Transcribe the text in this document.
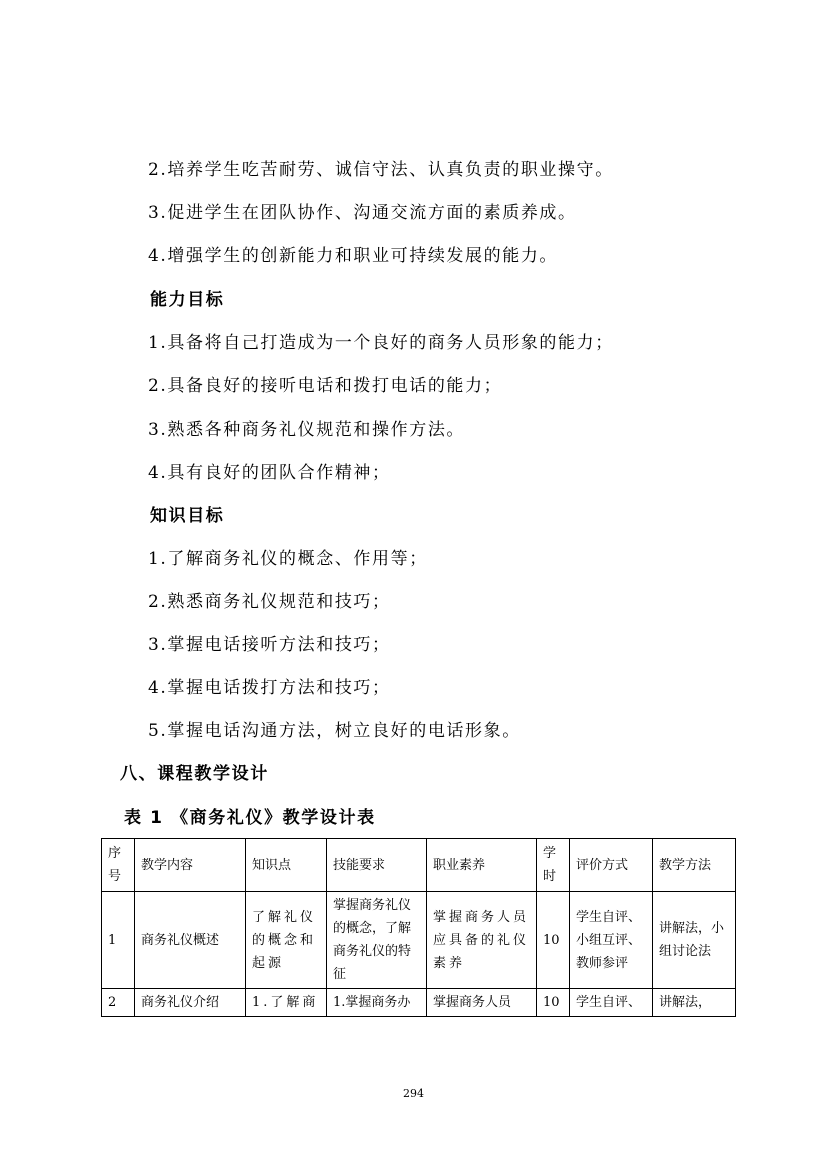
2.培养学生吃苦耐劳、诚信守法、认真负责的职业操守。
3.促进学生在团队协作、沟通交流方面的素质养成。
4.增强学生的创新能力和职业可持续发展的能力。
能力目标
1.具备将自己打造成为一个良好的商务人员形象的能力；
2.具备良好的接听电话和拨打电话的能力；
3.熟悉各种商务礼仪规范和操作方法。
4.具有良好的团队合作精神；
知识目标
1.了解商务礼仪的概念、作用等；
2.熟悉商务礼仪规范和技巧；
3.掌握电话接听方法和技巧；
4.掌握电话拨打方法和技巧；
5.掌握电话沟通方法，树立良好的电话形象。
八、课程教学设计
表 1 《商务礼仪》教学设计表
序号	教学内容	知识点	技能要求	职业素养	学时	评价方式	教学方法
1	商务礼仪概述	了解礼仪的概念和起源	掌握商务礼仪的概念，了解商务礼仪的特征	掌握商务人员应具备的礼仪素养	10	学生自评、小组互评、教师参评	讲解法，小组讨论法
2	商务礼仪介绍	1.了解商	1.掌握商务办	掌握商务人员	10	学生自评、	讲解法，
294
